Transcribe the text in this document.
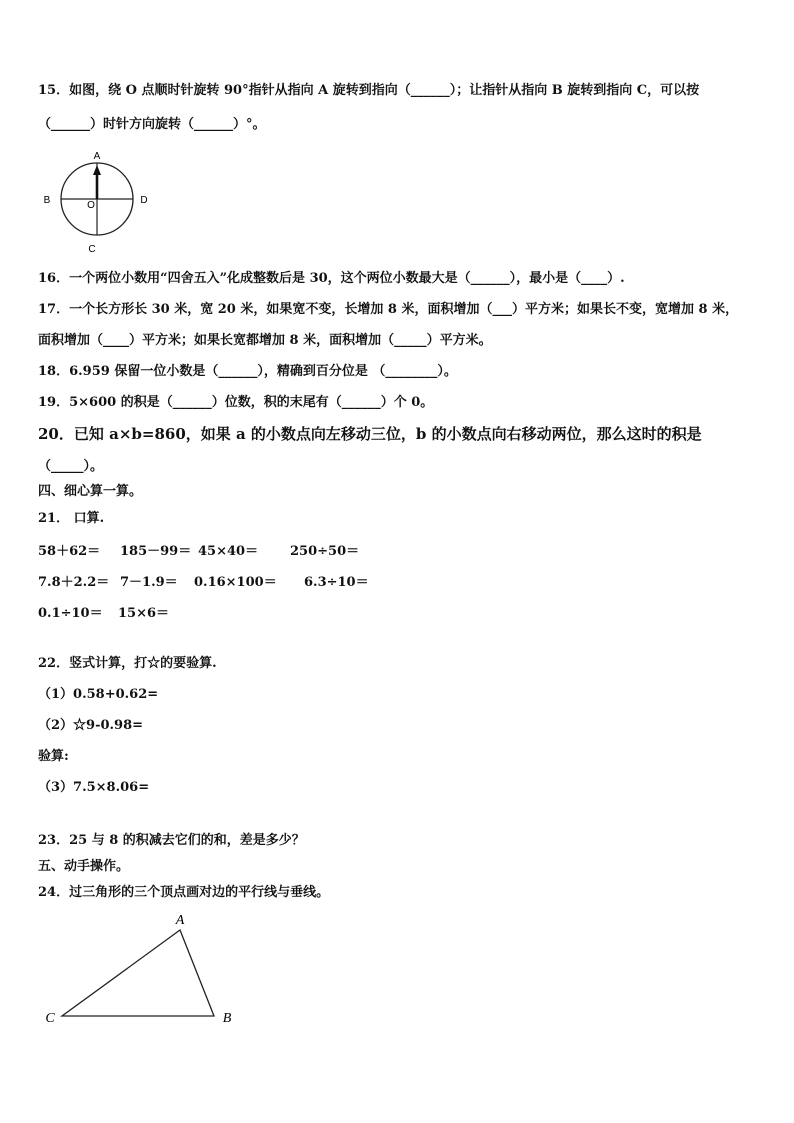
15．如图，绕 O 点顺时针旋转 90°指针从指向 A 旋转到指向（______）；让指针从指向 B 旋转到指向 C，可以按
（______）时针方向旋转（______）°。
A
B
C
D
O
16．一个两位小数用“四舍五入”化成整数后是 30，这个两位小数最大是（______），最小是（____）.
17．一个长方形长 30 米，宽 20 米，如果宽不变，长增加 8 米，面积增加（___）平方米；如果长不变，宽增加 8 米，
面积增加（____）平方米；如果长宽都增加 8 米，面积增加（_____）平方米。
18．6.959 保留一位小数是（______），精确到百分位是 （________）。
19．5×600 的积是（______）位数，积的末尾有（______）个 0。
20．已知 a×b=860，如果 a 的小数点向左移动三位，b 的小数点向右移动两位，那么这时的积是
（_____）。
四、细心算一算。
21． 口算.
58＋62＝ 185－99＝ 45×40＝ 250÷50＝
7.8＋2.2＝ 7－1.9＝ 0.16×100＝ 6.3÷10＝
0.1÷10＝ 15×6＝
22．竖式计算，打☆的要验算.
（1）0.58+0.62=
（2）☆9-0.98=
验算:
（3）7.5×8.06=
23．25 与 8 的积减去它们的和，差是多少？
五、动手操作。
24．过三角形的三个顶点画对边的平行线与垂线。
A
C	B
